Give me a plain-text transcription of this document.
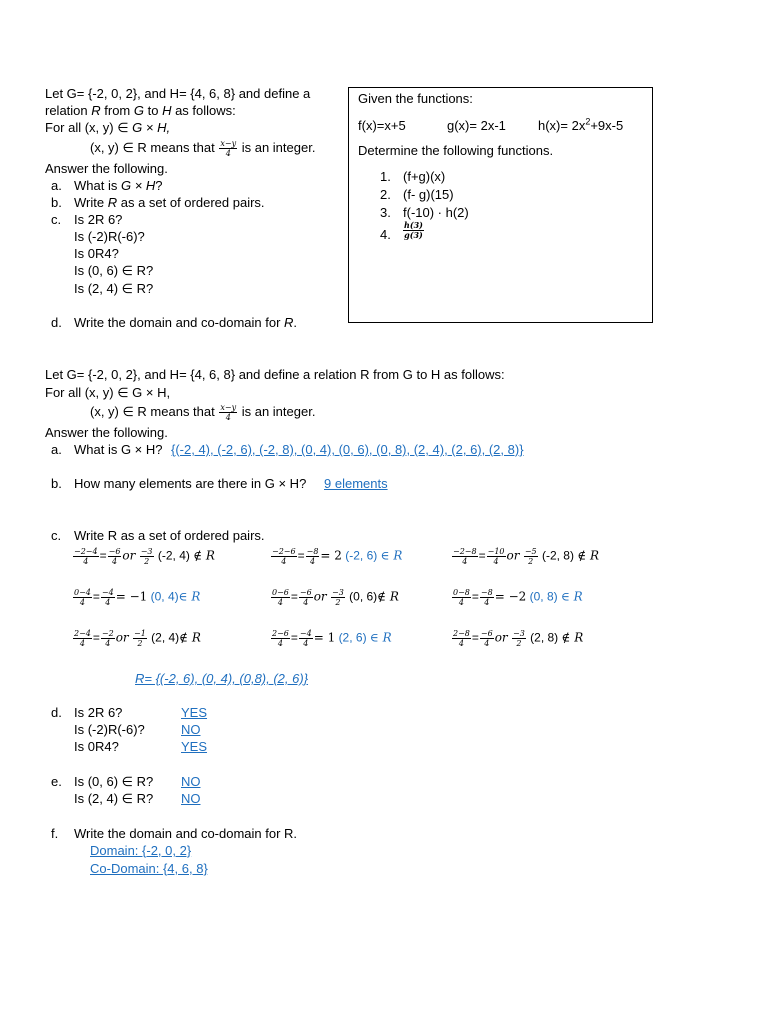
Let G= {-2, 0, 2}, and H= {4, 6, 8} and define a
relation R from G to H as follows:
For all (x, y) ∈ G × H,
(x, y) ∈ R means that $\frac{x-y}{4}$ is an integer.
Answer the following.
a. What is G × H?
b. Write R as a set of ordered pairs.
c. Is 2R 6?
Is (-2)R(-6)?
Is 0R4?
Is (0, 6) ∈ R?
Is (2, 4) ∈ R?
d. Write the domain and co-domain for R.
Given the functions:
f(x)=x+5	g(x)= 2x-1 $h(x)= 2x^2+9x-5$
Determine the following functions.
1. (f+g)(x)
2. (f- g)(15)
3. f(-10) · h(2)
4. $\frac{h(3)}{g(3)}$
Let G= {-2, 0, 2}, and H= {4, 6, 8} and define a relation R from G to H as follows:
For all (x, y) ∈ G × H,
(x, y) ∈ R means that $\frac{x-y}{4}$ is an integer.
Answer the following.
a. What is G × H? {(-2, 4), (-2, 6), (-2, 8), (0, 4), (0, 6), (0, 8), (2, 4), (2, 6), (2, 8)}
b. How many elements are there in G × H? 9 elements
c. Write R as a set of ordered pairs.
$\frac{-2-4}{4} = \frac{-6}{4}$ or $\frac{-3}{2} (-2$, 4) ∉ R	$\frac{-2-6}{4} = \frac{-8}{4} = 2$ (-2, 6) ∈ R	$\frac{-2-8}{4} = \frac{-10}{4}$ or $\frac{-5}{2} (-2$, 8) ∉ R
$\frac{0-4}{4} = \frac{-4}{4} = -1$ (0, 4)∈ R	$\frac{0-6}{4} = \frac{-6}{4}$ or $\frac{-3}{2} (0$, 6)∉ R	$\frac{0-8}{4} = \frac{-8}{4} = -2$ (0, 8) ∈ R
$\frac{2-4}{4} = \frac{-2}{4}$ or $\frac{-1}{2} (2$, 4)∉ R	$\frac{2-6}{4} = \frac{-4}{4} = 1$ (2, 6) ∈ R	$\frac{2-8}{4} = \frac{-6}{4}$ or $\frac{-3}{2} (2$, 8) ∉ R
R= {(-2, 6), (0, 4), (0,8), (2, 6)}
d. Is 2R 6?	YES
Is (-2)R(-6)?	NO
Is 0R4?	YES
e. Is (0, 6) ∈ R? NO
Is (2, 4) ∈ R? NO
f. Write the domain and co-domain for R.
Domain: {-2, 0, 2}
Co-Domain: {4, 6, 8}
